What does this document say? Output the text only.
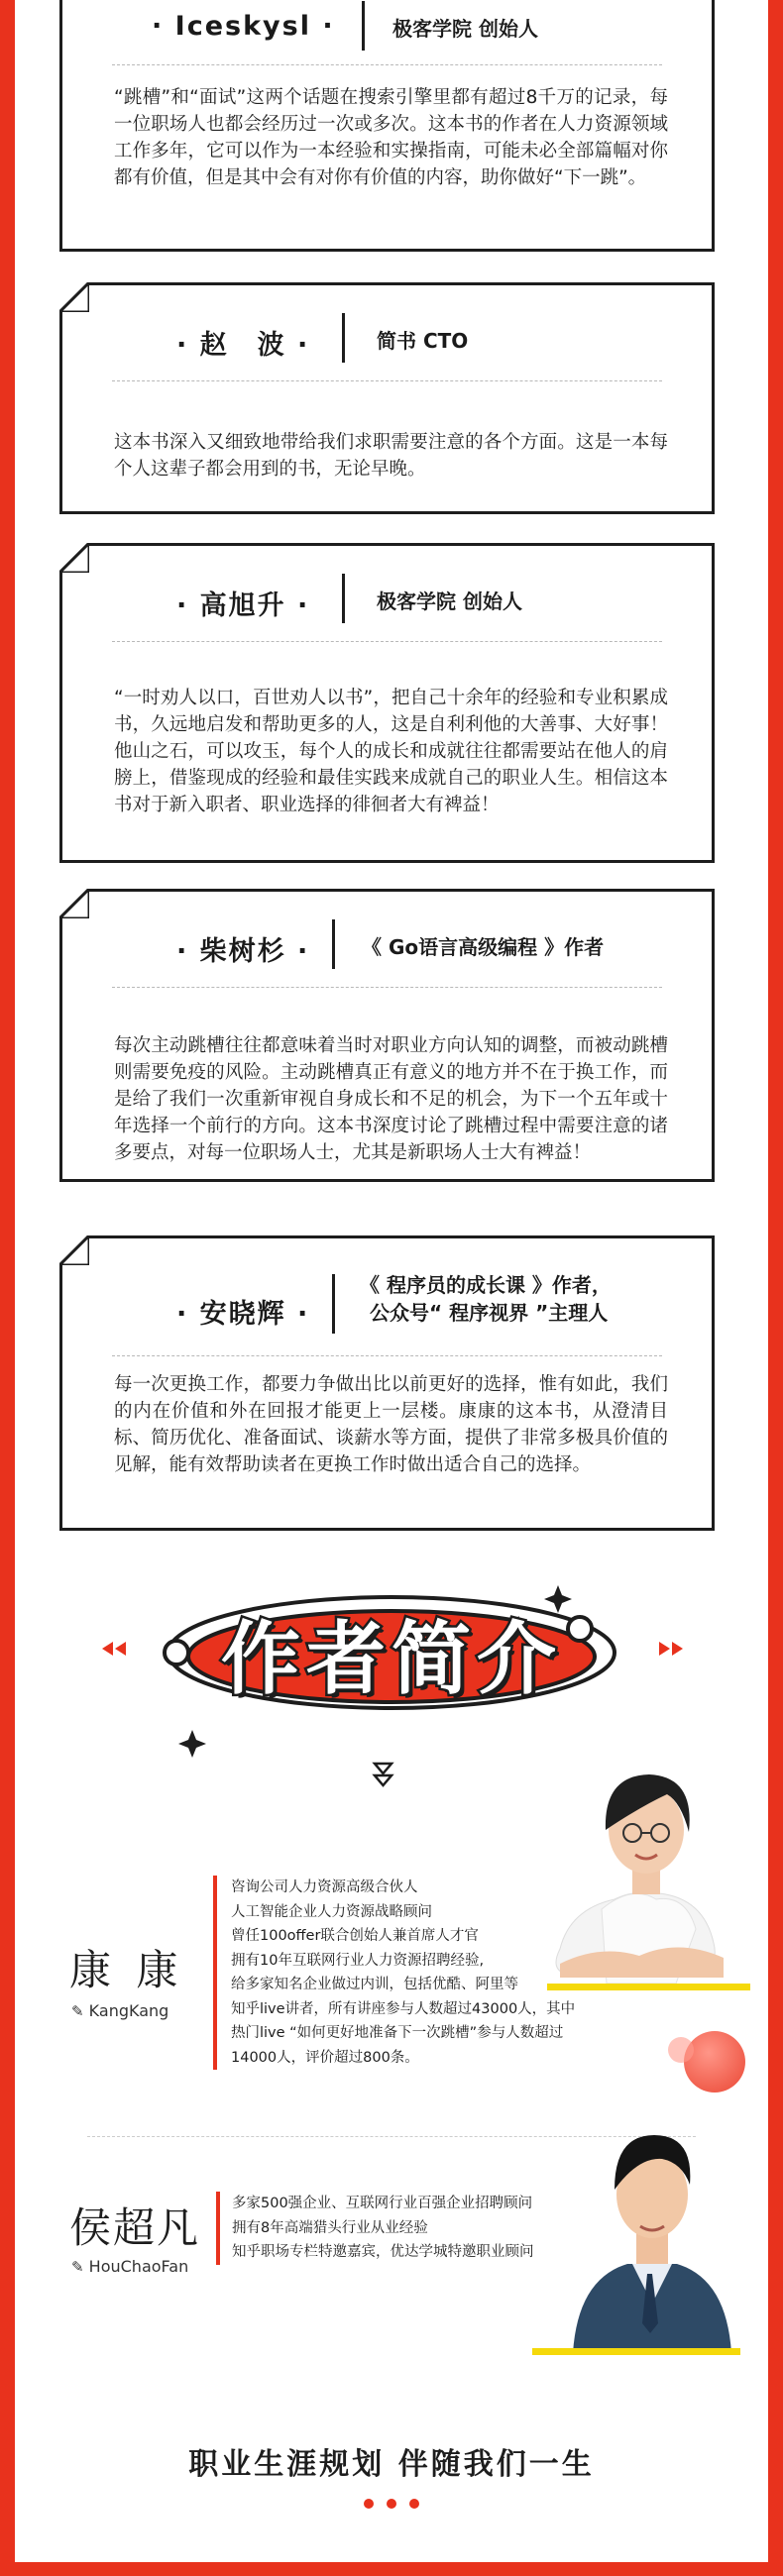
· Iceskysl ·	极客学院 创始人
“跳槽”和“面试”这两个话题在搜索引擎里都有超过8千万的记录，每一位职场人也都会经历过一次或多次。这本书的作者在人力资源领域工作多年，它可以作为一本经验和实操指南，可能未必全部篇幅对你都有价值，但是其中会有对你有价值的内容，助你做好“下一跳”。
· 赵　波 ·	简书 CTO
这本书深入又细致地带给我们求职需要注意的各个方面。这是一本每个人这辈子都会用到的书，无论早晚。
· 高旭升 ·	极客学院 创始人
“一时劝人以口，百世劝人以书”，把自己十余年的经验和专业积累成书，久远地启发和帮助更多的人，这是自利利他的大善事、大好事！他山之石，可以攻玉，每个人的成长和成就往往都需要站在他人的肩膀上，借鉴现成的经验和最佳实践来成就自己的职业人生。相信这本书对于新入职者、职业选择的徘徊者大有裨益！
· 柴树杉 ·	《 Go语言高级编程 》作者
每次主动跳槽往往都意味着当时对职业方向认知的调整，而被动跳槽则需要免疫的风险。主动跳槽真正有意义的地方并不在于换工作，而是给了我们一次重新审视自身成长和不足的机会，为下一个五年或十年选择一个前行的方向。这本书深度讨论了跳槽过程中需要注意的诸多要点，对每一位职场人士，尤其是新职场人士大有裨益！
· 安晓辉 ·
《 程序员的成长课 》作者，
公众号“ 程序视界 ”主理人
每一次更换工作，都要力争做出比以前更好的选择，惟有如此，我们的内在价值和外在回报才能更上一层楼。康康的这本书，从澄清目标、简历优化、准备面试、谈薪水等方面，提供了非常多极具价值的见解，能有效帮助读者在更换工作时做出适合自己的选择。
作者简介
康 康
✎ KangKang
咨询公司人力资源高级合伙人
人工智能企业人力资源战略顾问
曾任100offer联合创始人兼首席人才官
拥有10年互联网行业人力资源招聘经验,
给多家知名企业做过内训，包括优酷、阿里等
知乎live讲者，所有讲座参与人数超过43000人，其中
热门live “如何更好地准备下一次跳槽”参与人数超过
14000人，评价超过800条。
侯超凡
✎ HouChaoFan
多家500强企业、互联网行业百强企业招聘顾问
拥有8年高端猎头行业从业经验
知乎职场专栏特邀嘉宾，优达学城特邀职业顾问
职业生涯规划 伴随我们一生
